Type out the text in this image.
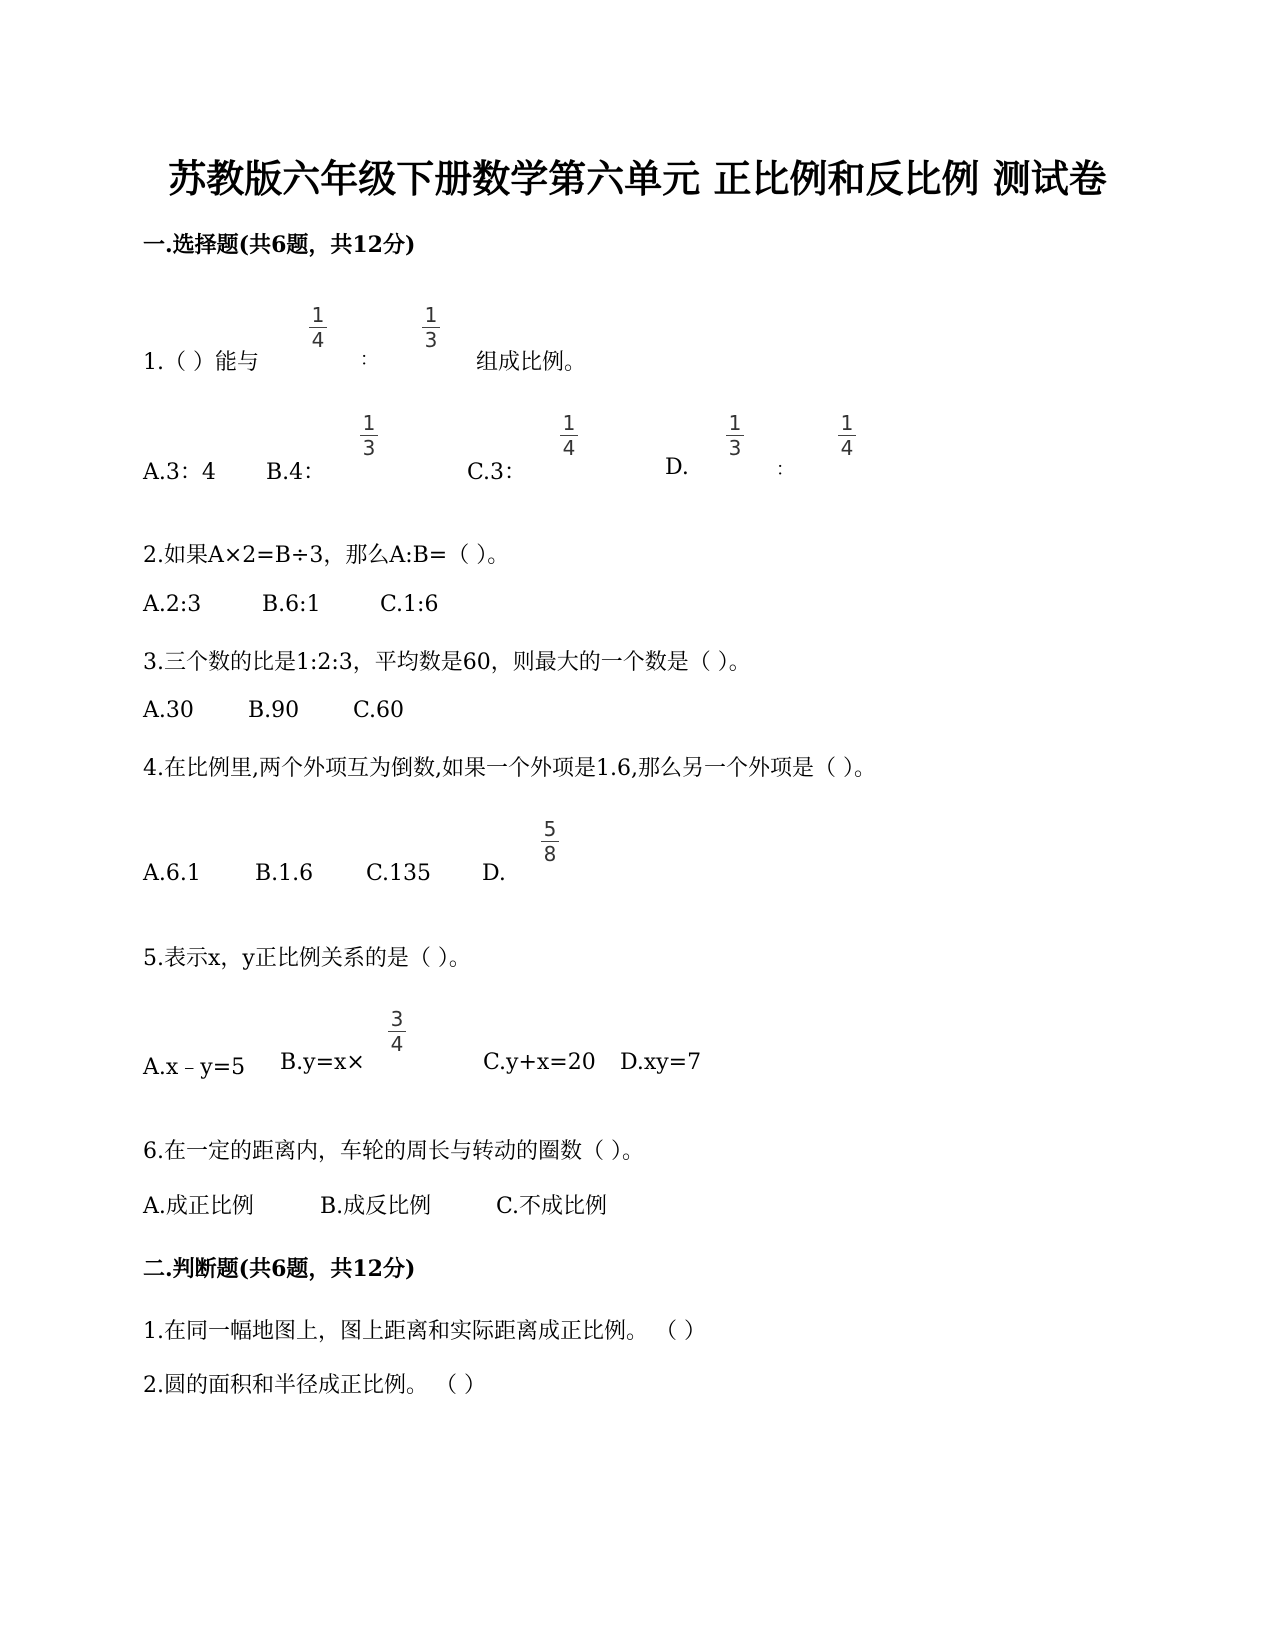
苏教版六年级下册数学第六单元 正比例和反比例 测试卷
一.选择题(共6题，共12分)
1.（ ）能与
1
4
：
1
3
组成比例。
A.3：4 B.4：
1
3
C.3：
1
4
D.
1
3
：
1
4
2.如果A×2=B÷3，那么A:B=（ ）。
A.2:3	B.6:1	C.1:6
3.三个数的比是1:2:3，平均数是60，则最大的一个数是（ ）。
A.30 B.90 C.60
4.在比例里,两个外项互为倒数,如果一个外项是1.6,那么另一个外项是（ ）。
A.6.1 B.1.6 C.135 D.
5
8
5.表示x，y正比例关系的是（ ）。
A.x﹣y=5 B.y=x×
3
4
C.y+x=20 D.xy=7
6.在一定的距离内，车轮的周长与转动的圈数（ ）。
A.成正比例	B.成反比例	C.不成比例
二.判断题(共6题，共12分)
1.在同一幅地图上，图上距离和实际距离成正比例。 （ ）
2.圆的面积和半径成正比例。 （ ）
